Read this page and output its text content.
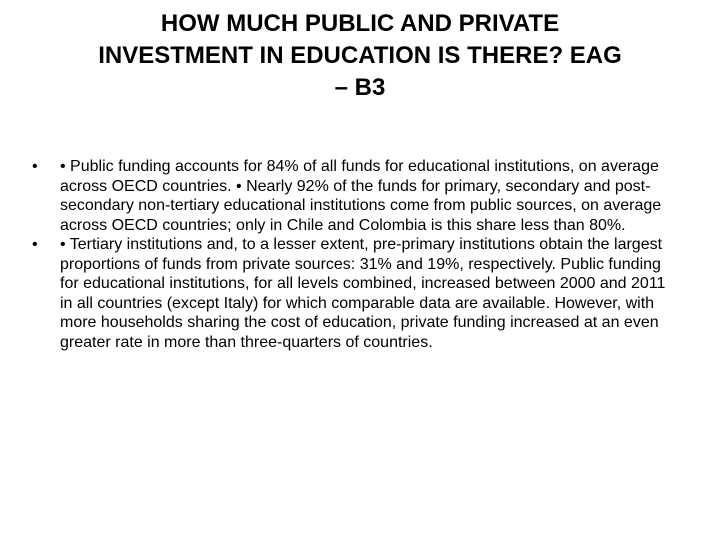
HOW MUCH PUBLIC AND PRIVATE
INVESTMENT IN EDUCATION IS THERE? EAG
– B3

• • Public funding accounts for 84% of all funds for educational institutions, on average across OECD countries. • Nearly 92% of the funds for primary, secondary and post-secondary non-tertiary educational institutions come from public sources, on average across OECD countries; only in Chile and Colombia is this share less than 80%.

• • Tertiary institutions and, to a lesser extent, pre-primary institutions obtain the largest proportions of funds from private sources: 31% and 19%, respectively. Public funding for educational institutions, for all levels combined, increased between 2000 and 2011 in all countries (except Italy) for which comparable data are available. However, with more households sharing the cost of education, private funding increased at an even greater rate in more than three-quarters of countries.
